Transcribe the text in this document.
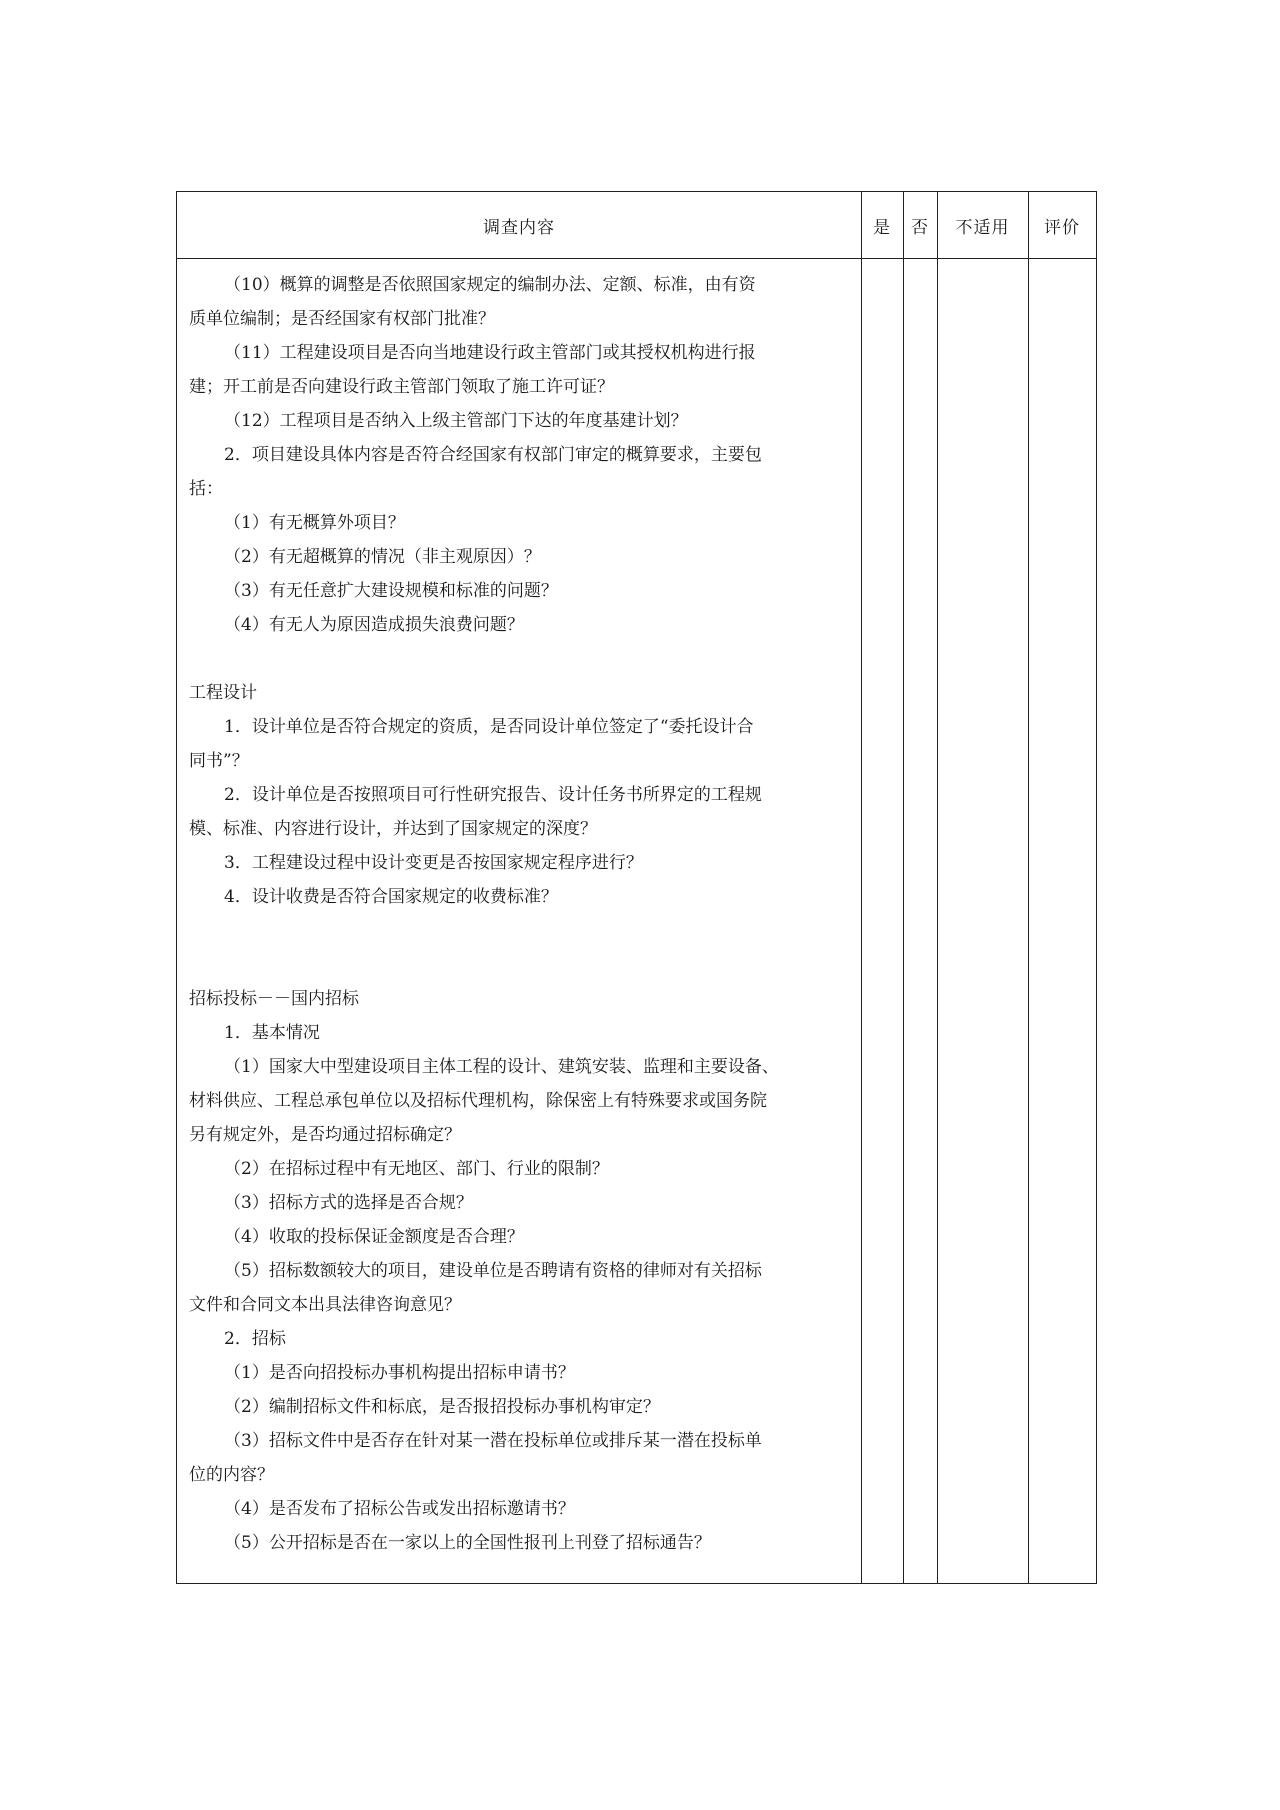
调查内容	是	否	不适用	评价
（10）概算的调整是否依照国家规定的编制办法、定额、标准，由有资
质单位编制；是否经国家有权部门批准？
（11）工程建设项目是否向当地建设行政主管部门或其授权机构进行报
建；开工前是否向建设行政主管部门领取了施工许可证？
（12）工程项目是否纳入上级主管部门下达的年度基建计划？
2．项目建设具体内容是否符合经国家有权部门审定的概算要求，主要包
括：
（1）有无概算外项目？
（2）有无超概算的情况（非主观原因）？
（3）有无任意扩大建设规模和标准的问题？
（4）有无人为原因造成损失浪费问题？
工程设计
1．设计单位是否符合规定的资质，是否同设计单位签定了“委托设计合
同书”？
2．设计单位是否按照项目可行性研究报告、设计任务书所界定的工程规
模、标准、内容进行设计，并达到了国家规定的深度？
3．工程建设过程中设计变更是否按国家规定程序进行？
4．设计收费是否符合国家规定的收费标准？
招标投标－－国内招标
1．基本情况
（1）国家大中型建设项目主体工程的设计、建筑安装、监理和主要设备、
材料供应、工程总承包单位以及招标代理机构，除保密上有特殊要求或国务院
另有规定外，是否均通过招标确定？
（2）在招标过程中有无地区、部门、行业的限制？
（3）招标方式的选择是否合规？
（4）收取的投标保证金额度是否合理？
（5）招标数额较大的项目，建设单位是否聘请有资格的律师对有关招标
文件和合同文本出具法律咨询意见？
2．招标
（1）是否向招投标办事机构提出招标申请书？
（2）编制招标文件和标底，是否报招投标办事机构审定？
（3）招标文件中是否存在针对某一潜在投标单位或排斥某一潜在投标单
位的内容？
（4）是否发布了招标公告或发出招标邀请书？
（5）公开招标是否在一家以上的全国性报刊上刊登了招标通告？
